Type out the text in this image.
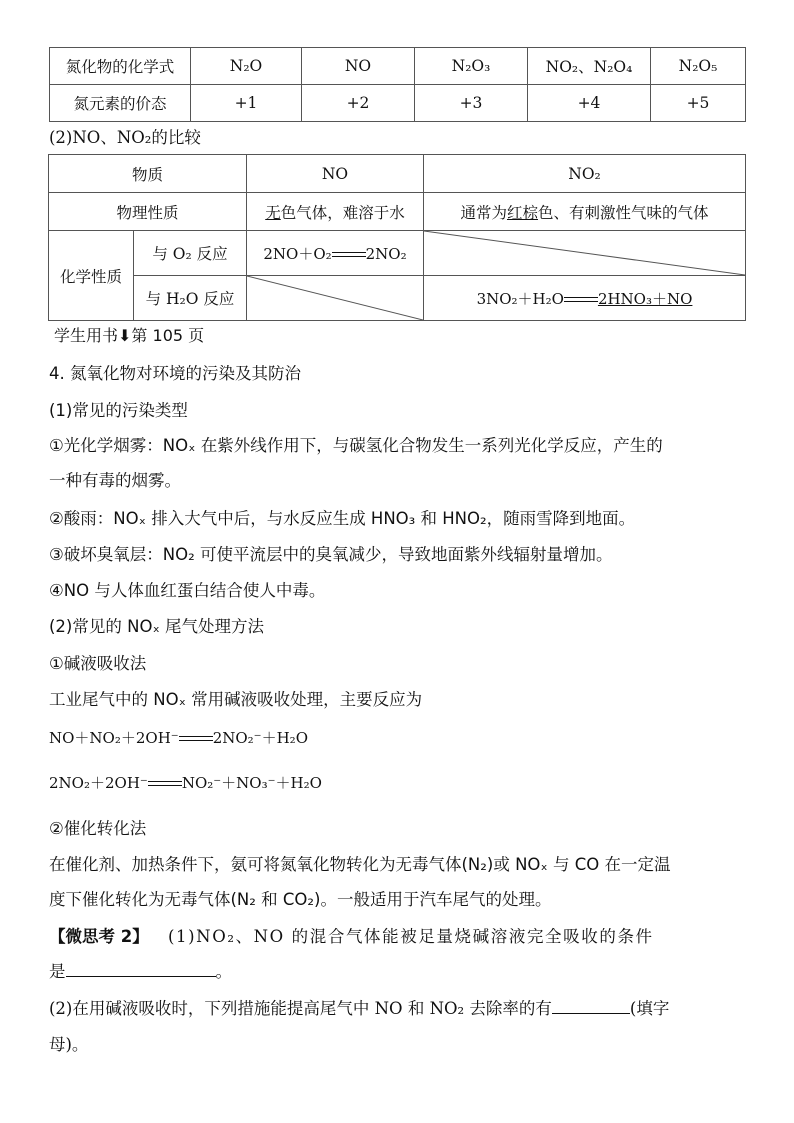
氮化物的化学式	N₂O	NO	N₂O₃	NO₂、N₂O₄	N₂O₅
氮元素的价态	+1	+2	+3	+4	+5
(2)NO、NO₂的比较
物质		NO	NO₂
物理性质		无色气体，难溶于水	通常为红棕色、有刺激性气味的气体
化学性质	与 O₂ 反应	2NO＋O₂ 2NO₂	

	与 H₂O 反应		3NO₂＋H₂O 2HNO₃＋NO
学生用书⬇第 105 页
4. 氮氧化物对环境的污染及其防治
(1)常见的污染类型
①光化学烟雾：NOₓ 在紫外线作用下，与碳氢化合物发生一系列光化学反应，产生的
一种有毒的烟雾。
②酸雨：NOₓ 排入大气中后，与水反应生成 HNO₃ 和 HNO₂，随雨雪降到地面。
③破坏臭氧层：NO₂ 可使平流层中的臭氧减少，导致地面紫外线辐射量增加。
④NO 与人体血红蛋白结合使人中毒。
(2)常见的 NOₓ 尾气处理方法
①碱液吸收法
工业尾气中的 NOₓ 常用碱液吸收处理，主要反应为
NO＋NO₂＋2OH⁻ 2NO₂⁻＋H₂O
2NO₂＋2OH⁻ NO₂⁻＋NO₃⁻＋H₂O
②催化转化法
在催化剂、加热条件下，氨可将氮氧化物转化为无毒气体(N₂)或 NOₓ 与 CO 在一定温
度下催化转化为无毒气体(N₂ 和 CO₂)。一般适用于汽车尾气的处理。
【微思考 2】 (1)NO₂、NO 的混合气体能被足量烧碱溶液完全吸收的条件
是	。
(2)在用碱液吸收时，下列措施能提高尾气中 NO 和 NO₂ 去除率的有	(填字
母)。
